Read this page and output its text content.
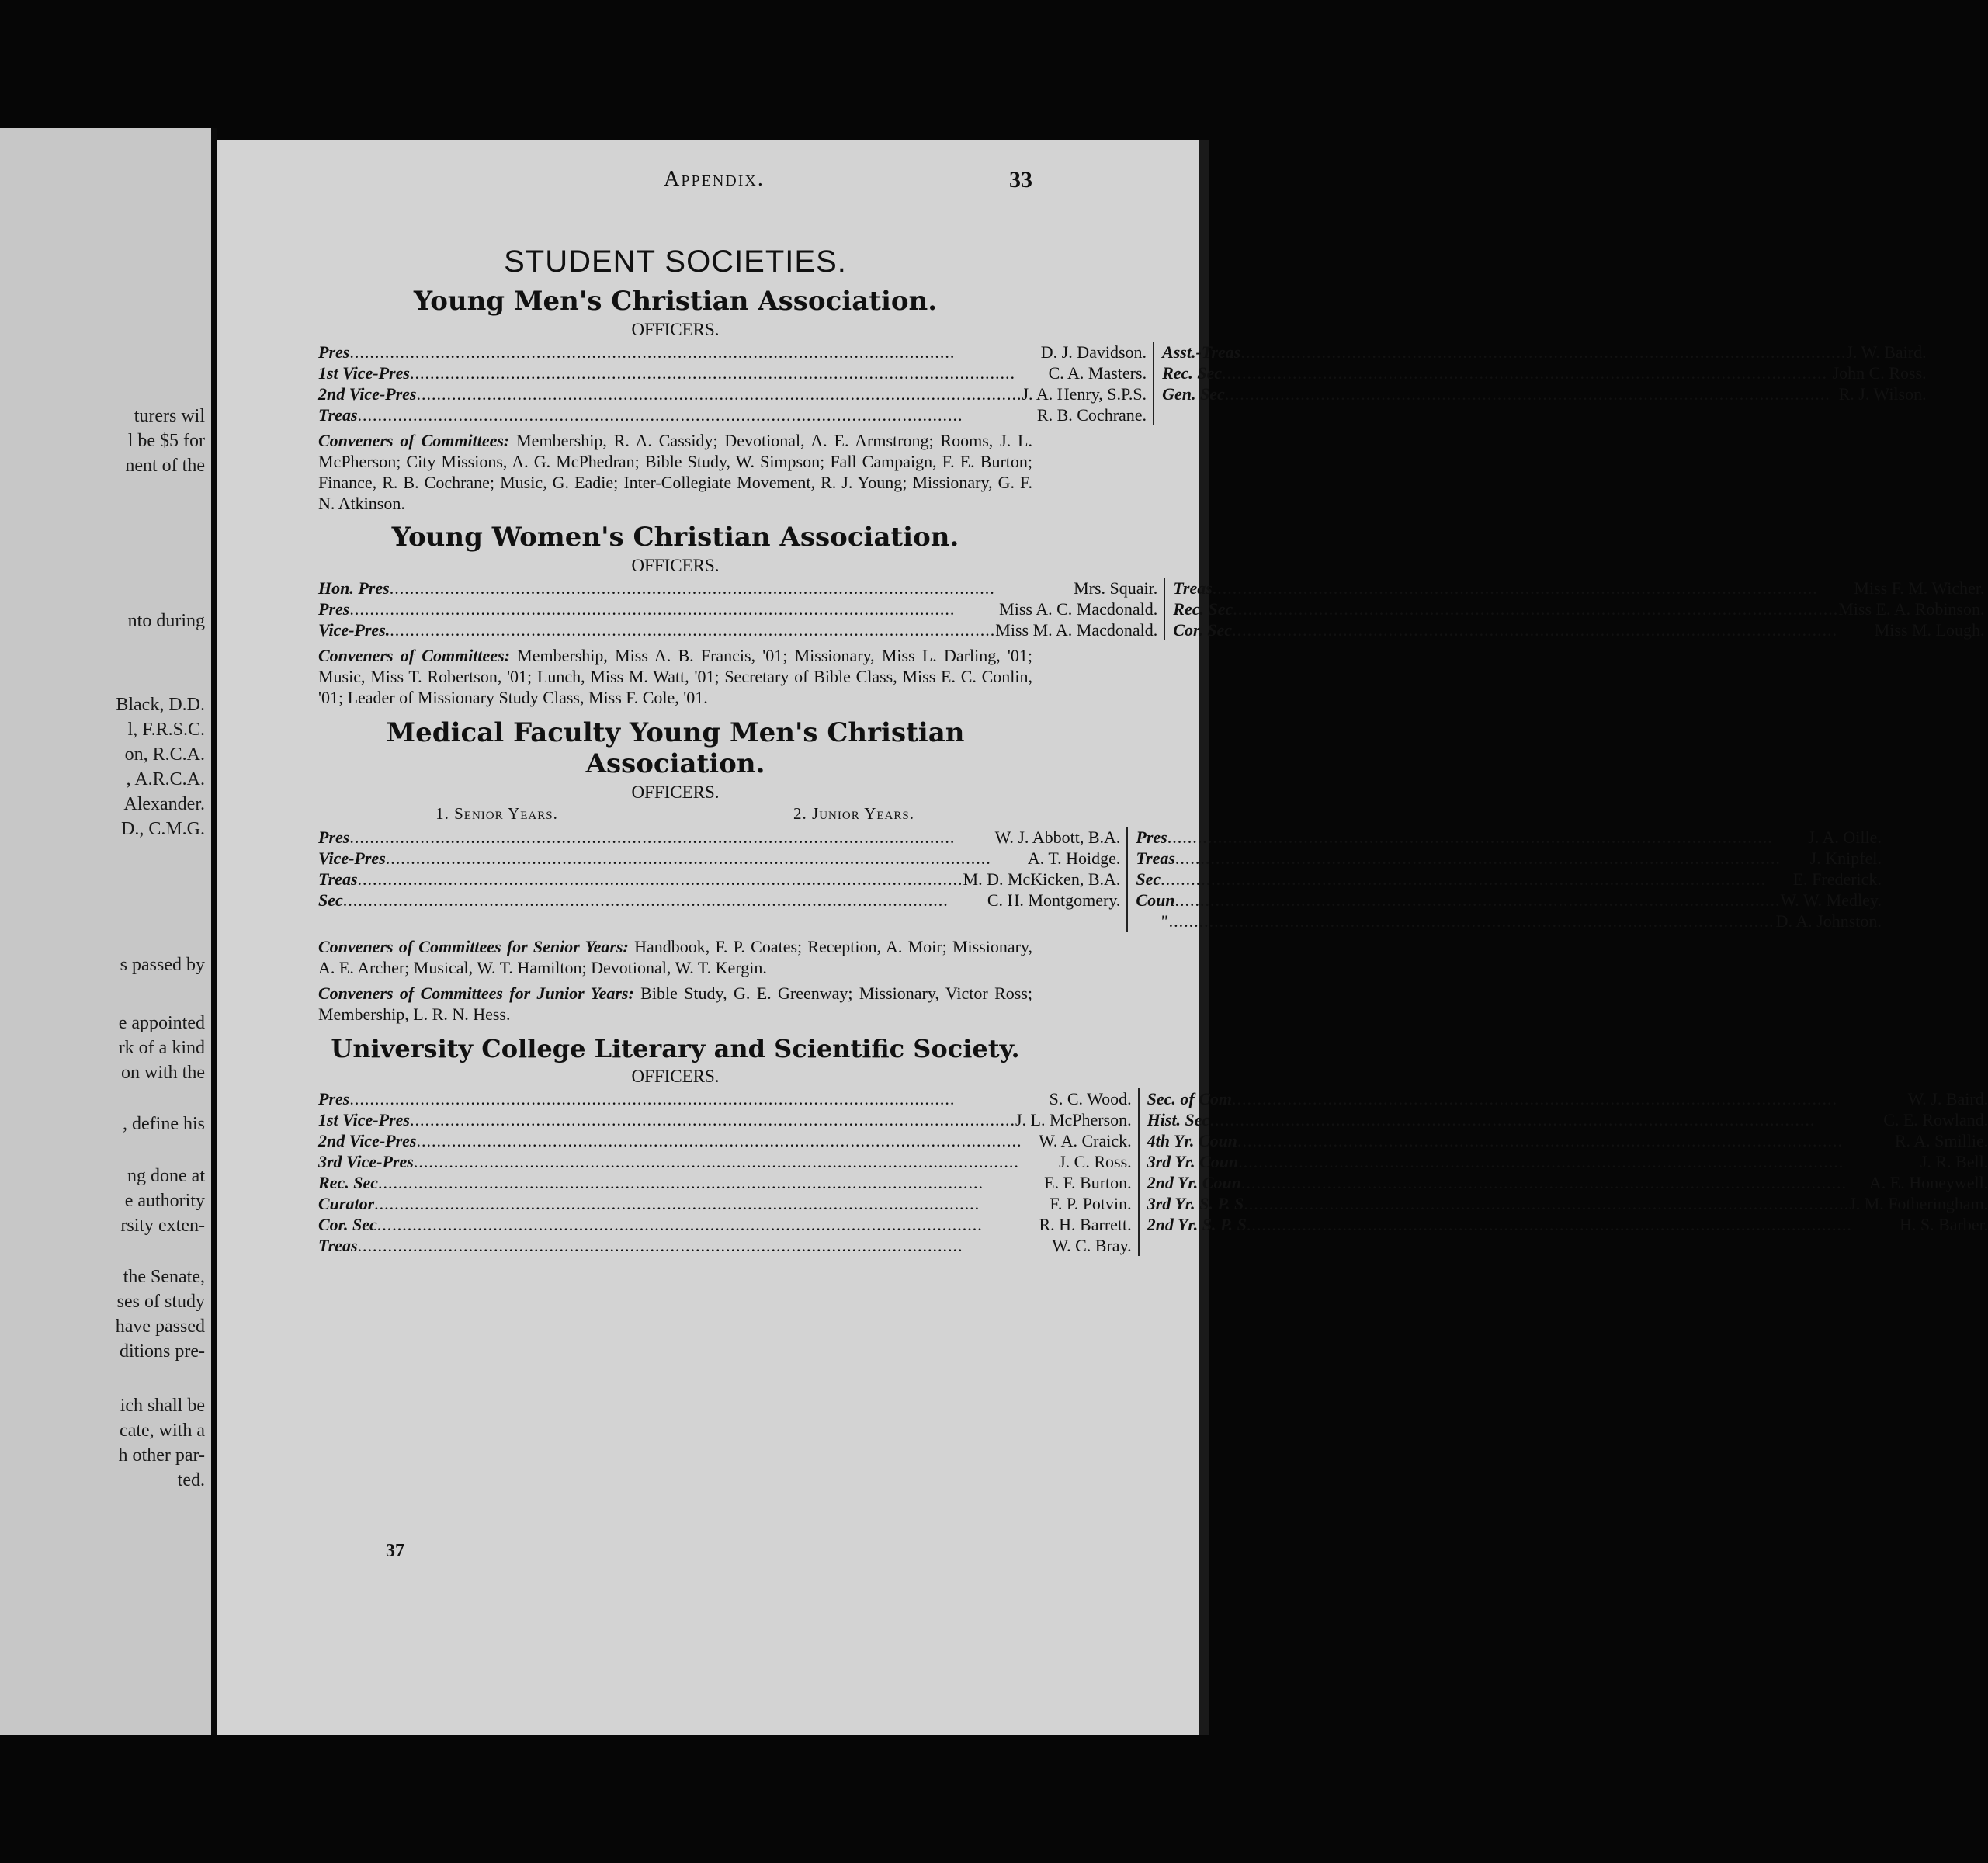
turers wil
l be $5 for
nent of the
nto during
Black, D.D.
l, F.R.S.C.
on, R.C.A.
, A.R.C.A.
Alexander.
D., C.M.G.
s passed by
e appointed
rk of a kind
on with the
, define his
ng done at
e authority
rsity exten-
the Senate,
ses of study
have passed
ditions pre-
ich shall be
cate, with a
h other par-
ted.
Appendix.	33
STUDENT SOCIETIES.
Young Men's Christian Association.
OFFICERS.
Pres .....	D. J. Davidson.
1st Vice-Pres .....	C. A. Masters.
2nd Vice-Pres .....	J. A. Henry, S.P.S.
Treas .....	R. B. Cochrane.
Asst.-Treas .....	J. W. Baird.
Rec. Sec .....	John C. Ross.
Gen. Sec .....	R. J. Wilson.

Conveners of Committees: Membership, R. A. Cassidy; Devotional, A. E. Armstrong; Rooms, J. L. McPherson; City Missions, A. G. McPhedran; Bible Study, W. Simpson; Fall Campaign, F. E. Burton; Finance, R. B. Cochrane; Music, G. Eadie; Inter-Collegiate Movement, R. J. Young; Missionary, G. F. N. Atkinson.

Young Women's Christian Association.
OFFICERS.
Hon. Pres .....	Mrs. Squair.
Pres .....	Miss A. C. Macdonald.
Vice-Pres. .....	Miss M. A. Macdonald.
Treas .....	Miss F. M. Wicher.
Rec. Sec .....	Miss E. A. Robinson.
Cor. Sec .....	Miss M. Lough.

Conveners of Committees: Membership, Miss A. B. Francis, '01; Missionary, Miss L. Darling, '01; Music, Miss T. Robertson, '01; Lunch, Miss M. Watt, '01; Secretary of Bible Class, Miss E. C. Conlin, '01; Leader of Missionary Study Class, Miss F. Cole, '01.

Medical Faculty Young Men's Christian Association.
OFFICERS.
1. Senior Years.	2. Junior Years.
Pres .....	W. J. Abbott, B.A.
Vice-Pres .....	A. T. Hoidge.
Treas .....	M. D. McKicken, B.A.
Sec .....	C. H. Montgomery.
Pres .....	J. A. Oille.
Treas .....	J. Knipfel.
Sec .....	E. Frederick.
Coun .....	W. W. Medley.
" .....	D. A. Johnston.

Conveners of Committees for Senior Years: Handbook, F. P. Coates; Reception, A. Moir; Missionary, A. E. Archer; Musical, W. T. Hamilton; Devotional, W. T. Kergin.

Conveners of Committees for Junior Years: Bible Study, G. E. Greenway; Missionary, Victor Ross; Membership, L. R. N. Hess.

University College Literary and Scientific Society.
OFFICERS.
Pres .....	S. C. Wood.
1st Vice-Pres .....	J. L. McPherson.
2nd Vice-Pres .....	W. A. Craick.
3rd Vice-Pres .....	J. C. Ross.
Rec. Sec .....	E. F. Burton.
Curator .....	F. P. Potvin.
Cor. Sec .....	R. H. Barrett.
Treas .....	W. C. Bray.
Sec. of Com .....	W. J. Baird.
Hist. Sec .....	C. E. Rowland.
4th Yr. Coun .....	R. A. Smillie.
3rd Yr. Coun .....	J. R. Bell.
2nd Yr. Coun .....	A. E. Honeywell.
3rd Yr. S. P. S .....	J. M. Fotheringham.
2nd Yr. S. P. S .....	H. S. Barber.
37
